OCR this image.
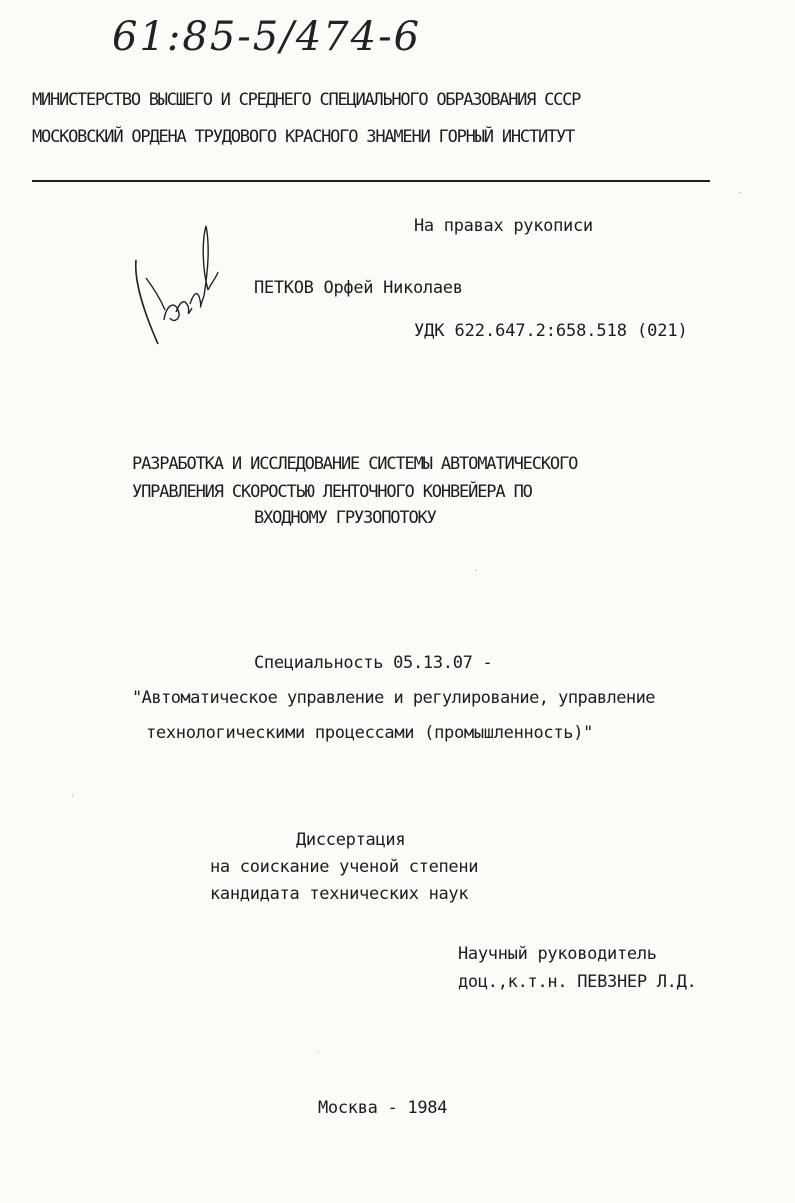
61:85-5/474-6
МИНИСТЕРСТВО ВЫСШЕГО И СРЕДНЕГО СПЕЦИАЛЬНОГО ОБРАЗОВАНИЯ СССР
МОСКОВСКИЙ ОРДЕНА ТРУДОВОГО КРАСНОГО ЗНАМЕНИ ГОРНЫЙ ИНСТИТУТ
На правах рукописи
ПЕТКОВ Орфей Николаев
УДК 622.647.2:658.518 (021)
РАЗРАБОТКА И ИССЛЕДОВАНИЕ СИСТЕМЫ АВТОМАТИЧЕСКОГО
УПРАВЛЕНИЯ СКОРОСТЬЮ ЛЕНТОЧНОГО КОНВЕЙЕРА ПО
ВХОДНОМУ ГРУЗОПОТОКУ
Специальность 05.13.07 -
"Автоматическое управление и регулирование, управление
технологическими процессами (промышленность)"
Диссертация
на соискание ученой степени
кандидата технических наук
Научный руководитель
доц.,к.т.н. ПЕВЗНЕР Л.Д.
Москва - 1984
